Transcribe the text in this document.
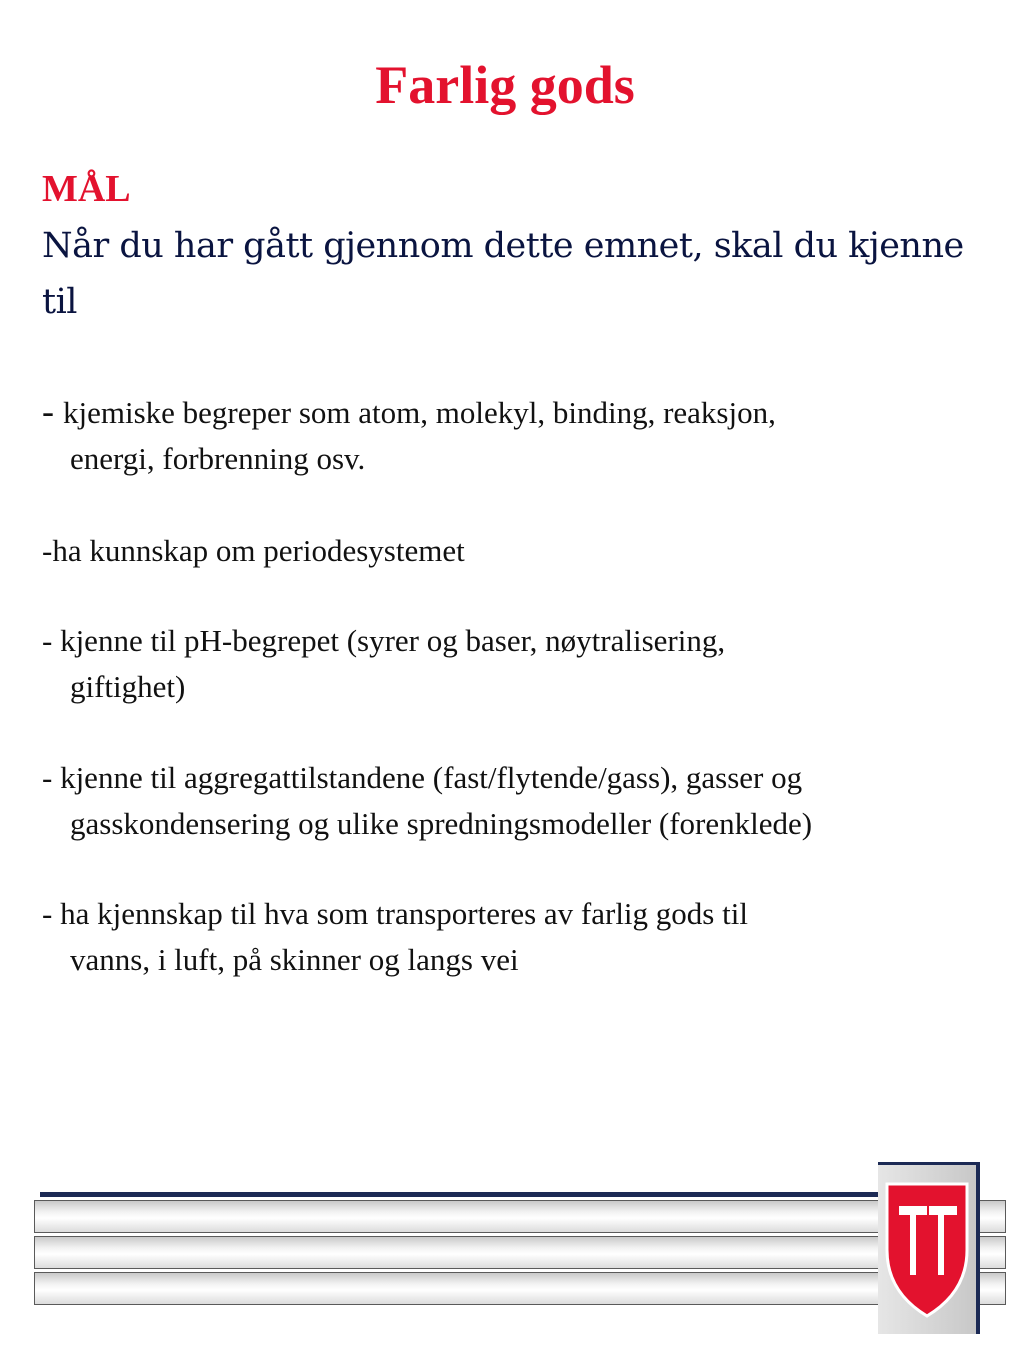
Farlig gods
MÅL
Når du har gått gjennom dette emnet, skal du kjenne til
- kjemiske begreper som atom, molekyl, binding, reaksjon,
energi, forbrenning osv.
-ha kunnskap om periodesystemet
- kjenne til pH-begrepet (syrer og baser, nøytralisering,
giftighet)
- kjenne til aggregattilstandene (fast/flytende/gass), gasser og
gasskondensering og ulike spredningsmodeller (forenklede)
- ha kjennskap til hva som transporteres av farlig gods til
vanns, i luft, på skinner og langs vei
